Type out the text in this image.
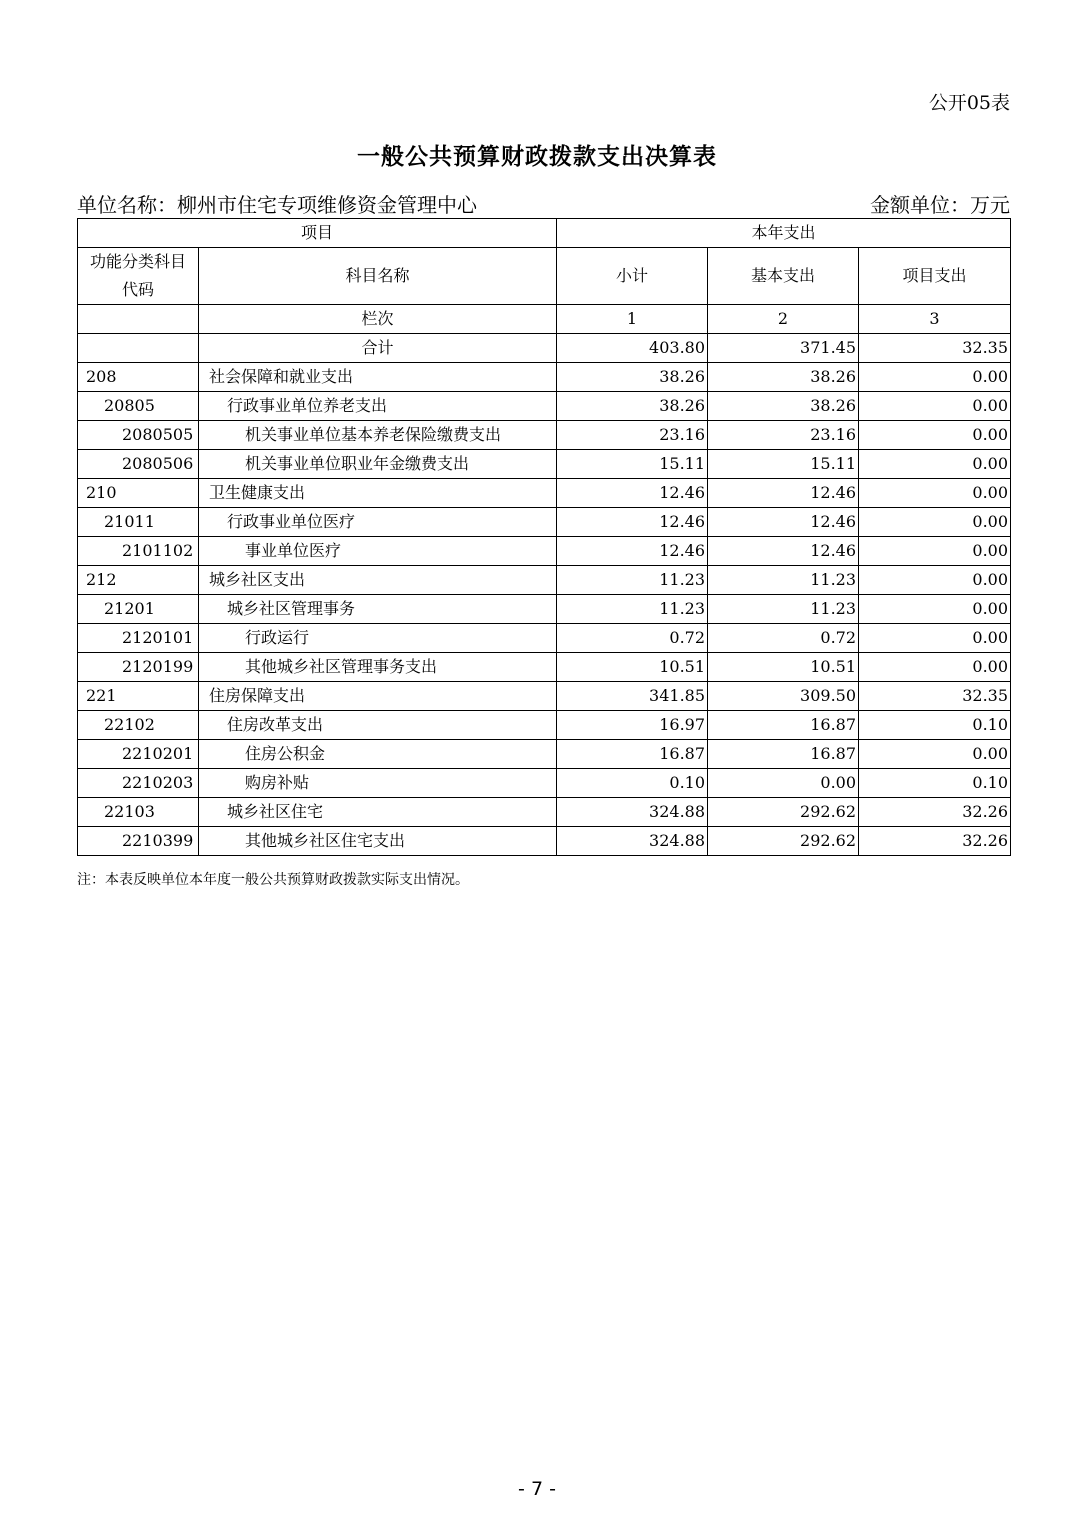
公开05表
一般公共预算财政拨款支出决算表
单位名称：柳州市住宅专项维修资金管理中心	金额单位：万元
项目		本年支出		
功能分类科目
代码	科目名称	小计	基本支出	项目支出
	栏次	1	2	3
	合计	403.80	371.45	32.35
208	社会保障和就业支出	38.26	38.26	0.00
20805	行政事业单位养老支出	38.26	38.26	0.00
2080505	机关事业单位基本养老保险缴费支出	23.16	23.16	0.00
2080506	机关事业单位职业年金缴费支出	15.11	15.11	0.00
210	卫生健康支出	12.46	12.46	0.00
21011	行政事业单位医疗	12.46	12.46	0.00
2101102	事业单位医疗	12.46	12.46	0.00
212	城乡社区支出	11.23	11.23	0.00
21201	城乡社区管理事务	11.23	11.23	0.00
2120101	行政运行	0.72	0.72	0.00
2120199	其他城乡社区管理事务支出	10.51	10.51	0.00
221	住房保障支出	341.85	309.50	32.35
22102	住房改革支出	16.97	16.87	0.10
2210201	住房公积金	16.87	16.87	0.00
2210203	购房补贴	0.10	0.00	0.10
22103	城乡社区住宅	324.88	292.62	32.26
2210399	其他城乡社区住宅支出	324.88	292.62	32.26
注：本表反映单位本年度一般公共预算财政拨款实际支出情况。
- 7 -
